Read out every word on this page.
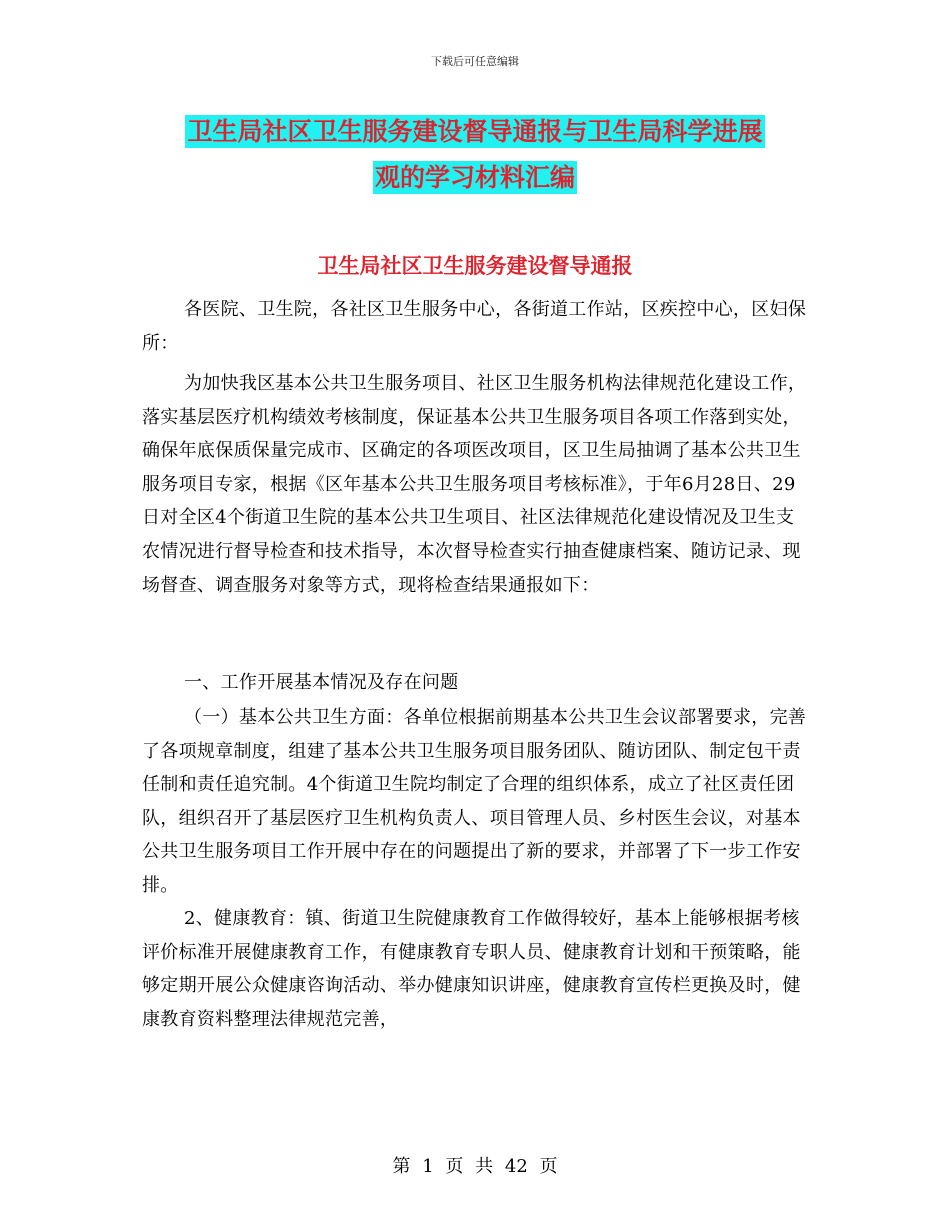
下载后可任意编辑
卫生局社区卫生服务建设督导通报与卫生局科学进展
观的学习材料汇编
卫生局社区卫生服务建设督导通报

各医院、卫生院，各社区卫生服务中心，各街道工作站，区疾控中心，区妇保所：

为加快我区基本公共卫生服务项目、社区卫生服务机构法律规范化建设工作，落实基层医疗机构绩效考核制度，保证基本公共卫生服务项目各项工作落到实处，确保年底保质保量完成市、区确定的各项医改项目，区卫生局抽调了基本公共卫生服务项目专家，根据《区年基本公共卫生服务项目考核标准》，于年6月28日、29日对全区4个街道卫生院的基本公共卫生项目、社区法律规范化建设情况及卫生支农情况进行督导检查和技术指导，本次督导检查实行抽查健康档案、随访记录、现场督查、调查服务对象等方式，现将检查结果通报如下：

一、工作开展基本情况及存在问题

（一）基本公共卫生方面：各单位根据前期基本公共卫生会议部署要求，完善了各项规章制度，组建了基本公共卫生服务项目服务团队、随访团队、制定包干责任制和责任追究制。4个街道卫生院均制定了合理的组织体系，成立了社区责任团队，组织召开了基层医疗卫生机构负责人、项目管理人员、乡村医生会议，对基本公共卫生服务项目工作开展中存在的问题提出了新的要求，并部署了下一步工作安排。

2、健康教育：镇、街道卫生院健康教育工作做得较好，基本上能够根据考核评价标准开展健康教育工作，有健康教育专职人员、健康教育计划和干预策略，能够定期开展公众健康咨询活动、举办健康知识讲座，健康教育宣传栏更换及时，健康教育资料整理法律规范完善，

第 1 页 共 42 页
